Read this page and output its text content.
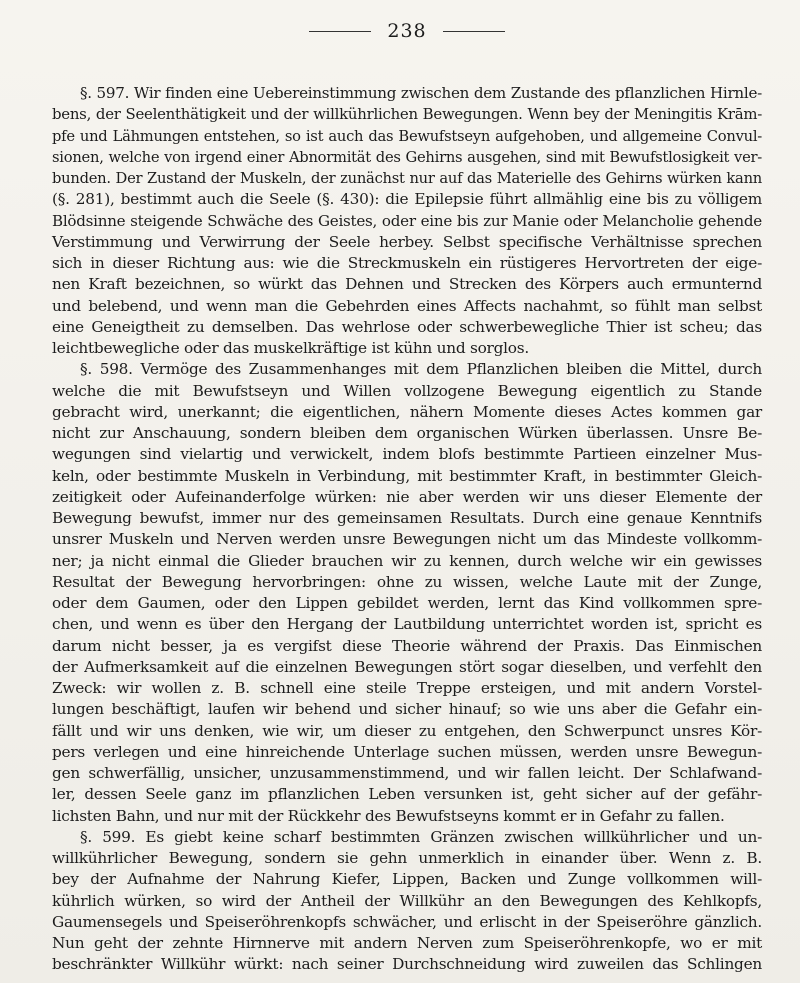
238
§. 597. Wir finden eine Uebereinstimmung zwischen dem Zustande des pflanzlichen Hirnle-
bens, der Seelenthätigkeit und der willkührlichen Bewegungen. Wenn bey der Meningitis Krām-
pfe und Lähmungen entstehen, so ist auch das Bewufstseyn aufgehoben, und allgemeine Convul-
sionen, welche von irgend einer Abnormität des Gehirns ausgehen, sind mit Bewufstlosigkeit ver-
bunden. Der Zustand der Muskeln, der zunächst nur auf das Materielle des Gehirns würken kann
(§. 281), bestimmt auch die Seele (§. 430): die Epilepsie führt allmählig eine bis zu völligem
Blödsinne steigende Schwäche des Geistes, oder eine bis zur Manie oder Melancholie gehende
Verstimmung und Verwirrung der Seele herbey. Selbst specifische Verhältnisse sprechen
sich in dieser Richtung aus: wie die Streckmuskeln ein rüstigeres Hervortreten der eige-
nen Kraft bezeichnen, so würkt das Dehnen und Strecken des Körpers auch ermunternd
und belebend, und wenn man die Gebehrden eines Affects nachahmt, so fühlt man selbst
eine Geneigtheit zu demselben. Das wehrlose oder schwerbewegliche Thier ist scheu; das
leichtbewegliche oder das muskelkräftige ist kühn und sorglos.
§. 598. Vermöge des Zusammenhanges mit dem Pflanzlichen bleiben die Mittel, durch
welche die mit Bewufstseyn und Willen vollzogene Bewegung eigentlich zu Stande
gebracht wird, unerkannt; die eigentlichen, nähern Momente dieses Actes kommen gar
nicht zur Anschauung, sondern bleiben dem organischen Würken überlassen. Unsre Be-
wegungen sind vielartig und verwickelt, indem blofs bestimmte Partieen einzelner Mus-
keln, oder bestimmte Muskeln in Verbindung, mit bestimmter Kraft, in bestimmter Gleich-
zeitigkeit oder Aufeinanderfolge würken: nie aber werden wir uns dieser Elemente der
Bewegung bewufst, immer nur des gemeinsamen Resultats. Durch eine genaue Kenntnifs
unsrer Muskeln und Nerven werden unsre Bewegungen nicht um das Mindeste vollkomm-
ner; ja nicht einmal die Glieder brauchen wir zu kennen, durch welche wir ein gewisses
Resultat der Bewegung hervorbringen: ohne zu wissen, welche Laute mit der Zunge,
oder dem Gaumen, oder den Lippen gebildet werden, lernt das Kind vollkommen spre-
chen, und wenn es über den Hergang der Lautbildung unterrichtet worden ist, spricht es
darum nicht besser, ja es vergifst diese Theorie während der Praxis. Das Einmischen
der Aufmerksamkeit auf die einzelnen Bewegungen stört sogar dieselben, und verfehlt den
Zweck: wir wollen z. B. schnell eine steile Treppe ersteigen, und mit andern Vorstel-
lungen beschäftigt, laufen wir behend und sicher hinauf; so wie uns aber die Gefahr ein-
fällt und wir uns denken, wie wir, um dieser zu entgehen, den Schwerpunct unsres Kör-
pers verlegen und eine hinreichende Unterlage suchen müssen, werden unsre Bewegun-
gen schwerfällig, unsicher, unzusammenstimmend, und wir fallen leicht. Der Schlafwand-
ler, dessen Seele ganz im pflanzlichen Leben versunken ist, geht sicher auf der gefähr-
lichsten Bahn, und nur mit der Rückkehr des Bewufstseyns kommt er in Gefahr zu fallen.
§. 599. Es giebt keine scharf bestimmten Gränzen zwischen willkührlicher und un-
willkührlicher Bewegung, sondern sie gehn unmerklich in einander über. Wenn z. B.
bey der Aufnahme der Nahrung Kiefer, Lippen, Backen und Zunge vollkommen will-
kührlich würken, so wird der Antheil der Willkühr an den Bewegungen des Kehlkopfs,
Gaumensegels und Speiseröhrenkopfs schwächer, und erlischt in der Speiseröhre gänzlich.
Nun geht der zehnte Hirnnerve mit andern Nerven zum Speiseröhrenkopfe, wo er mit
beschränkter Willkühr würkt: nach seiner Durchschneidung wird zuweilen das Schlingen
